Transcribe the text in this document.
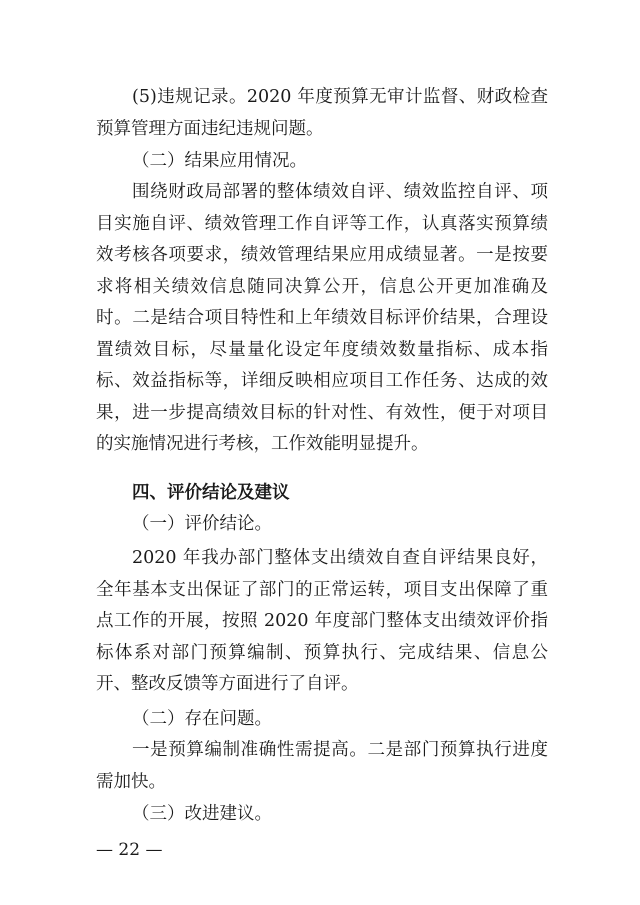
(5)违规记录。2020 年度预算无审计监督、财政检查预算管理方面违纪违规问题。

（二）结果应用情况。

围绕财政局部署的整体绩效自评、绩效监控自评、项目实施自评、绩效管理工作自评等工作，认真落实预算绩效考核各项要求，绩效管理结果应用成绩显著。一是按要求将相关绩效信息随同决算公开，信息公开更加准确及时。二是结合项目特性和上年绩效目标评价结果，合理设置绩效目标，尽量量化设定年度绩效数量指标、成本指标、效益指标等，详细反映相应项目工作任务、达成的效果，进一步提高绩效目标的针对性、有效性，便于对项目的实施情况进行考核，工作效能明显提升。

四、评价结论及建议

（一）评价结论。

2020 年我办部门整体支出绩效自查自评结果良好，全年基本支出保证了部门的正常运转，项目支出保障了重点工作的开展，按照 2020 年度部门整体支出绩效评价指标体系对部门预算编制、预算执行、完成结果、信息公开、整改反馈等方面进行了自评。

（二）存在问题。

一是预算编制准确性需提高。二是部门预算执行进度需加快。

（三）改进建议。

— 22 —
